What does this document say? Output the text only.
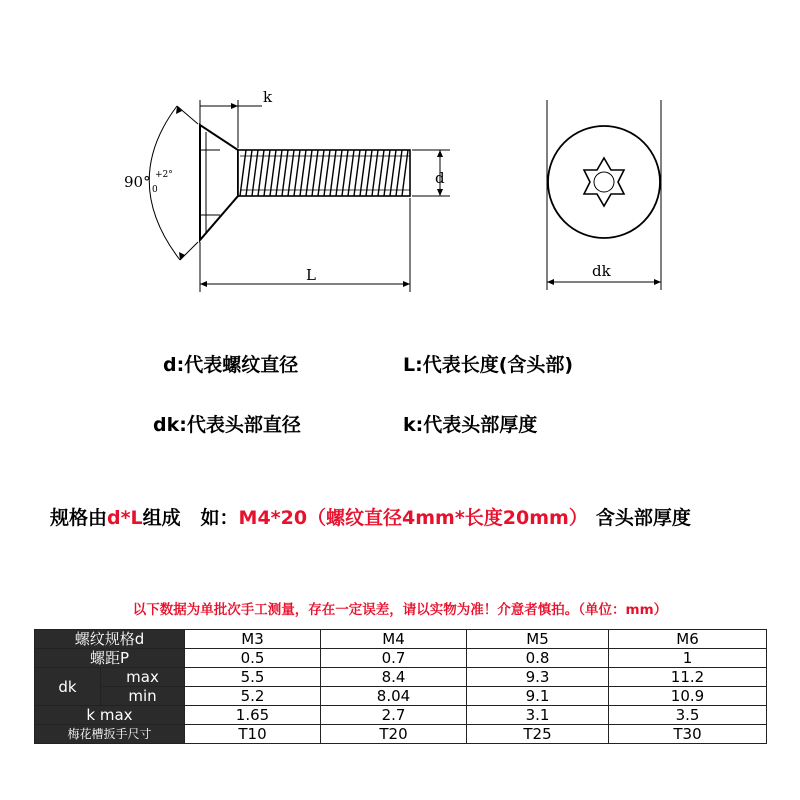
k
d
L
90° +2°
0
dk
d:代表螺纹直径	L:代表长度(含头部)
dk:代表头部直径	k:代表头部厚度
规格由d*L组成   如：M4*20（螺纹直径4mm*长度20mm） 含头部厚度
以下数据为单批次手工测量，存在一定误差，请以实物为准！介意者慎拍。（单位：mm）
螺纹规格d		M3	M4	M5	M6
螺距P		0.5	0.7	0.8	1
dk	max	5.5	8.4	9.3	11.2
	min	5.2	8.04	9.1	10.9
k max		1.65	2.7	3.1	3.5
梅花槽扳手尺寸		T10	T20	T25	T30
